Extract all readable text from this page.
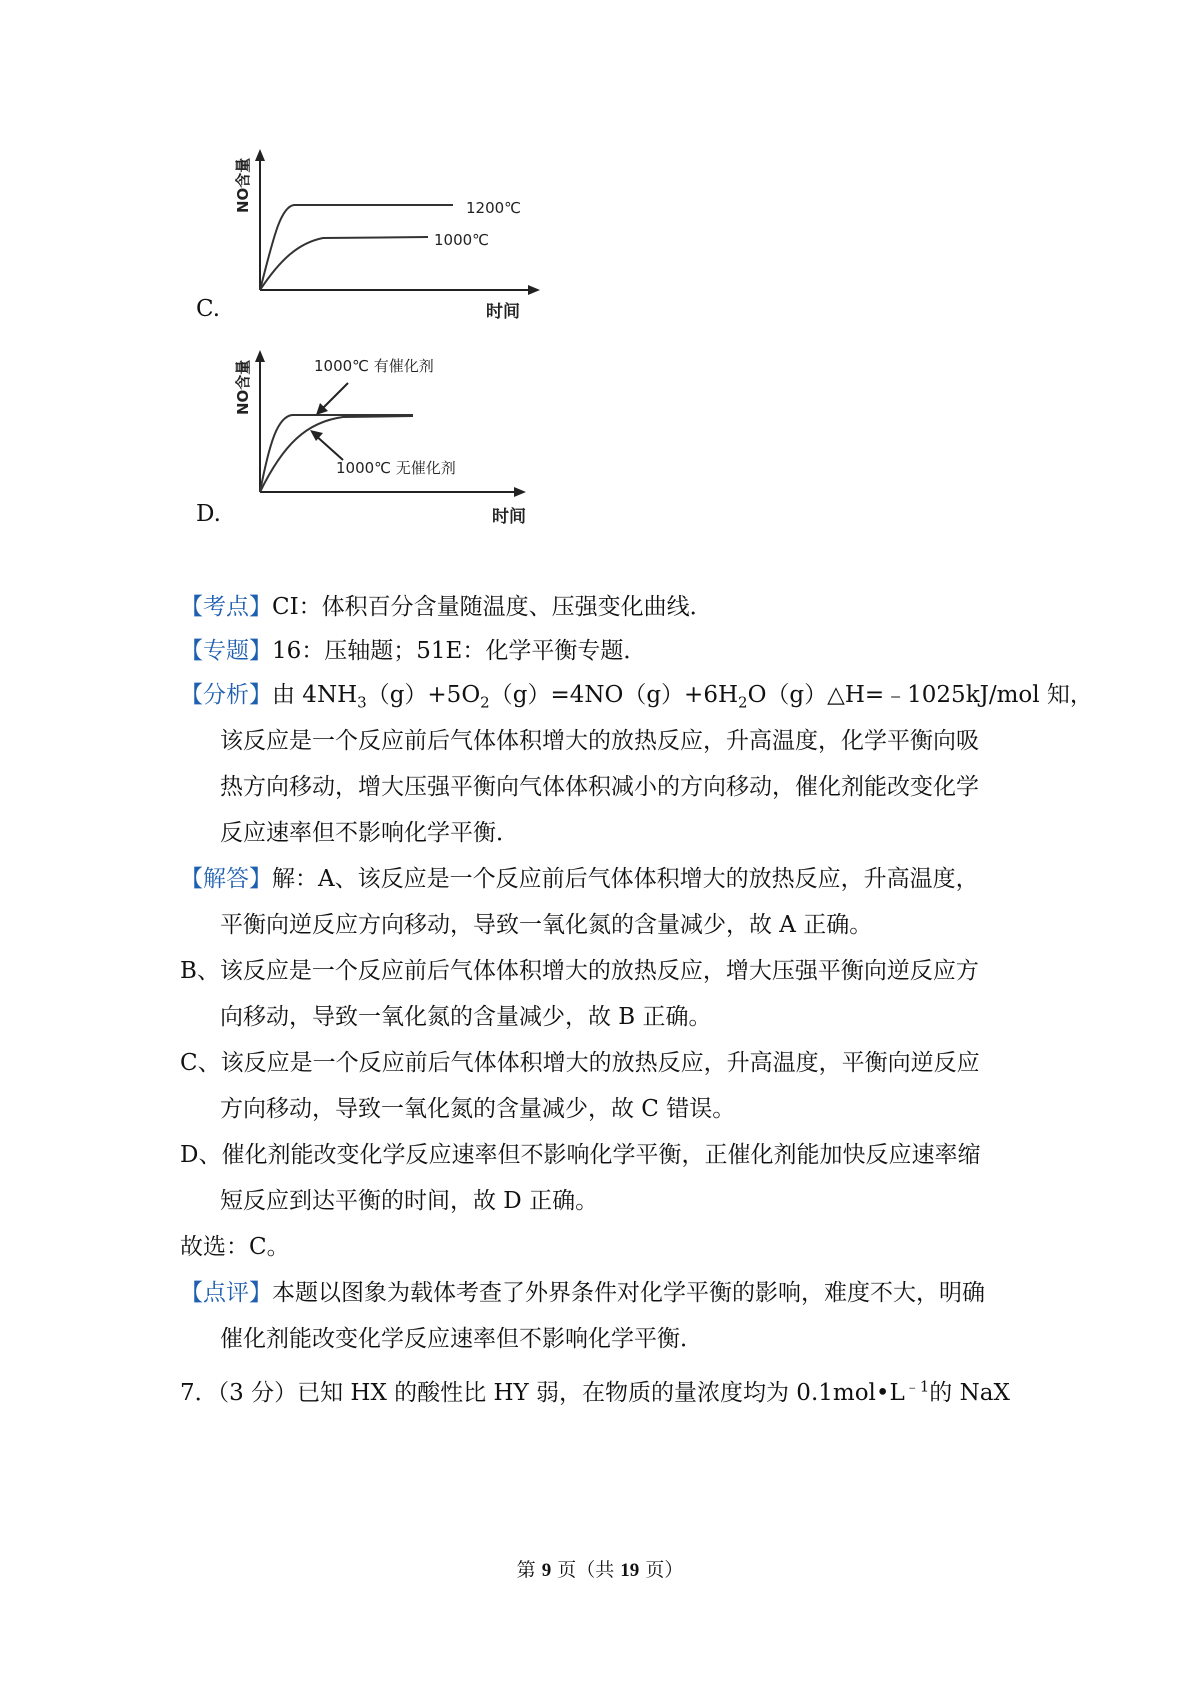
C.
1200℃
1000℃
NO含量
时间
D.
1000℃ 有催化剂
1000℃ 无催化剂
NO含量
时间
【考点】CI：体积百分含量随温度、压强变化曲线．
【专题】16：压轴题；51E：化学平衡专题．
【分析】由 $4NH_3(g)+5O_2(g)=4NO(g)+6H_2O(g)\triangle H=﹣1025kJ$/mol 知，
该反应是一个反应前后气体体积增大的放热反应，升高温度，化学平衡向吸
热方向移动，增大压强平衡向气体体积减小的方向移动，催化剂能改变化学
反应速率但不影响化学平衡．
【解答】解：A、该反应是一个反应前后气体体积增大的放热反应，升高温度，
平衡向逆反应方向移动，导致一氧化氮的含量减少，故 A 正确。
B、该反应是一个反应前后气体体积增大的放热反应，增大压强平衡向逆反应方
向移动，导致一氧化氮的含量减少，故 B 正确。
C、该反应是一个反应前后气体体积增大的放热反应，升高温度，平衡向逆反应
方向移动，导致一氧化氮的含量减少，故 C 错误。
D、催化剂能改变化学反应速率但不影响化学平衡，正催化剂能加快反应速率缩
短反应到达平衡的时间，故 D 正确。
故选：C。
【点评】本题以图象为载体考查了外界条件对化学平衡的影响，难度不大，明确
催化剂能改变化学反应速率但不影响化学平衡．
7．（3 分）已知 HX 的酸性比 HY 弱，在物质的量浓度均为 $0.1mol•L^{﹣1}$的 NaX
第 9 页（共 19 页）
